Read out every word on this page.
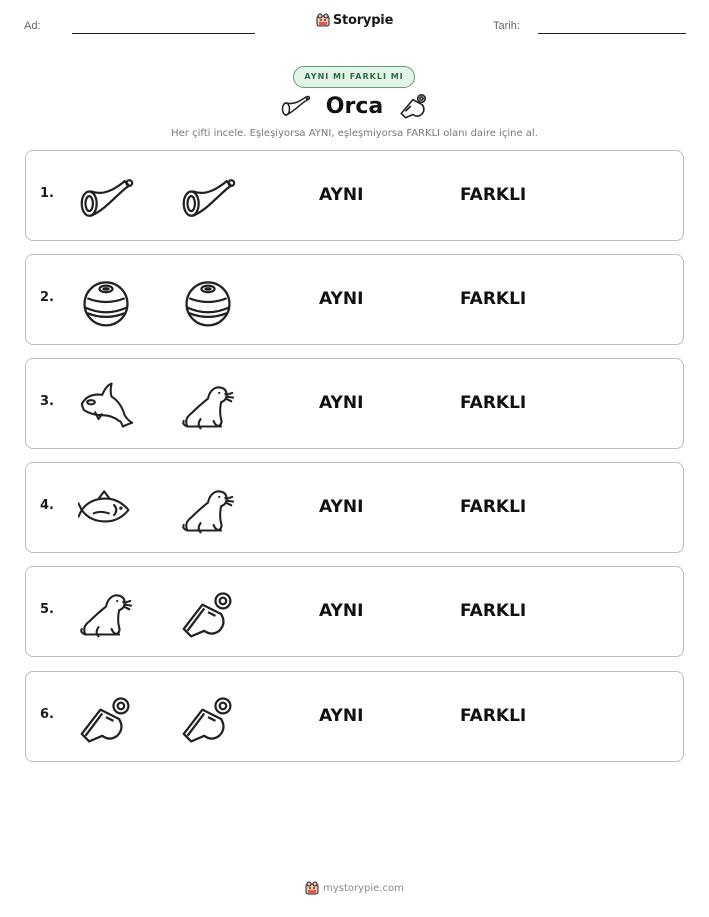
Ad:	Storypie	Tarih:
AYNI MI FARKLI MI
Orca
Her çifti incele. Eşleşiyorsa AYNI, eşleşmiyorsa FARKLI olanı daire içine al.
1.	AYNI	FARKLI
2.	AYNI	FARKLI
3.	AYNI	FARKLI
4.	AYNI	FARKLI
5.	AYNI	FARKLI
6.	AYNI	FARKLI
mystorypie.com
